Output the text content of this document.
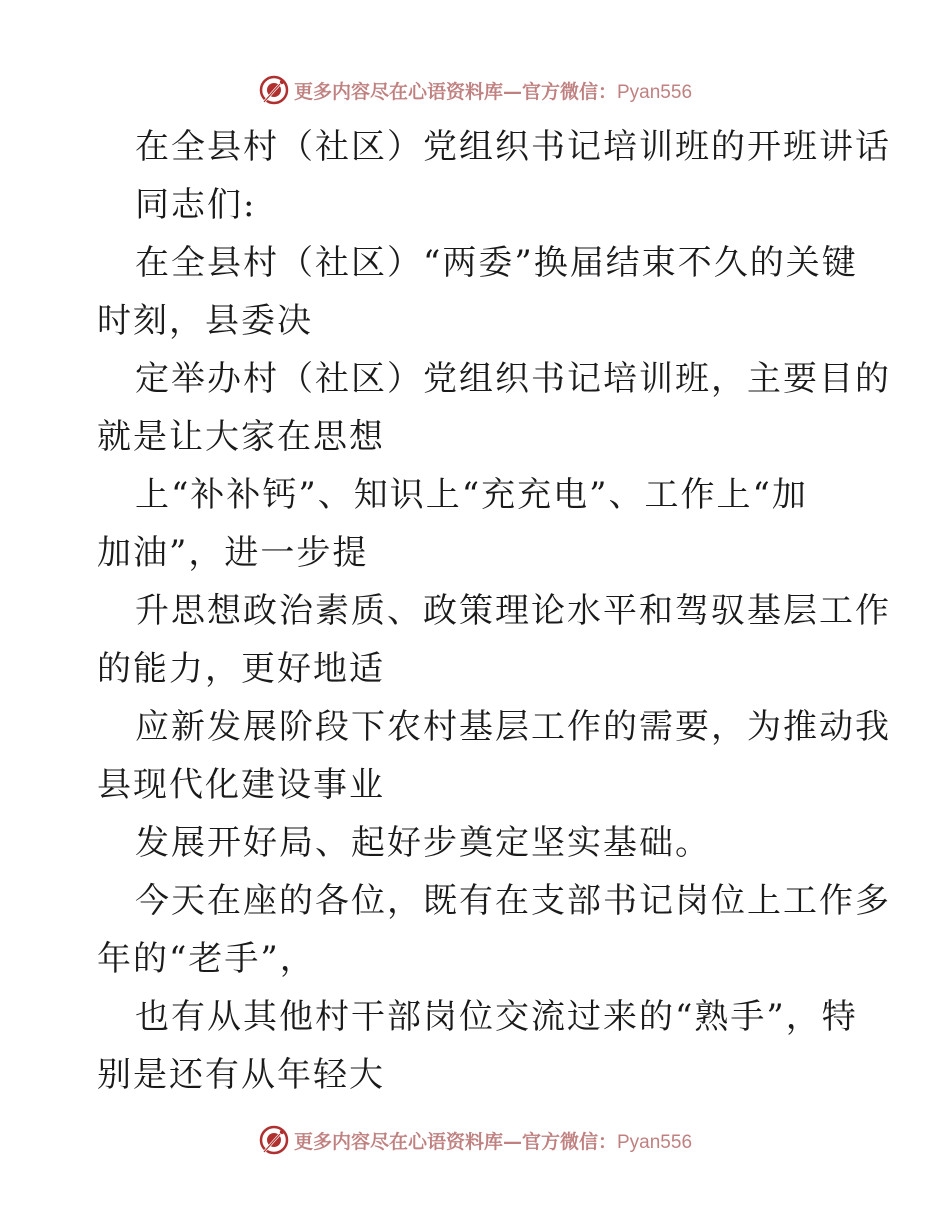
更多内容尽在心语资料库—官方微信：Pyan556
在全县村（社区）党组织书记培训班的开班讲话
同志们:
在全县村（社区）“两委”换届结束不久的关键
时刻，县委决
定举办村（社区）党组织书记培训班，主要目的
就是让大家在思想
上“补补钙”、知识上“充充电”、工作上“加
加油”，进一步提
升思想政治素质、政策理论水平和驾驭基层工作
的能力，更好地适
应新发展阶段下农村基层工作的需要，为推动我
县现代化建设事业
发展开好局、起好步奠定坚实基础。
今天在座的各位，既有在支部书记岗位上工作多
年的“老手”，
也有从其他村干部岗位交流过来的“熟手”，特
别是还有从年轻大
更多内容尽在心语资料库—官方微信：Pyan556
